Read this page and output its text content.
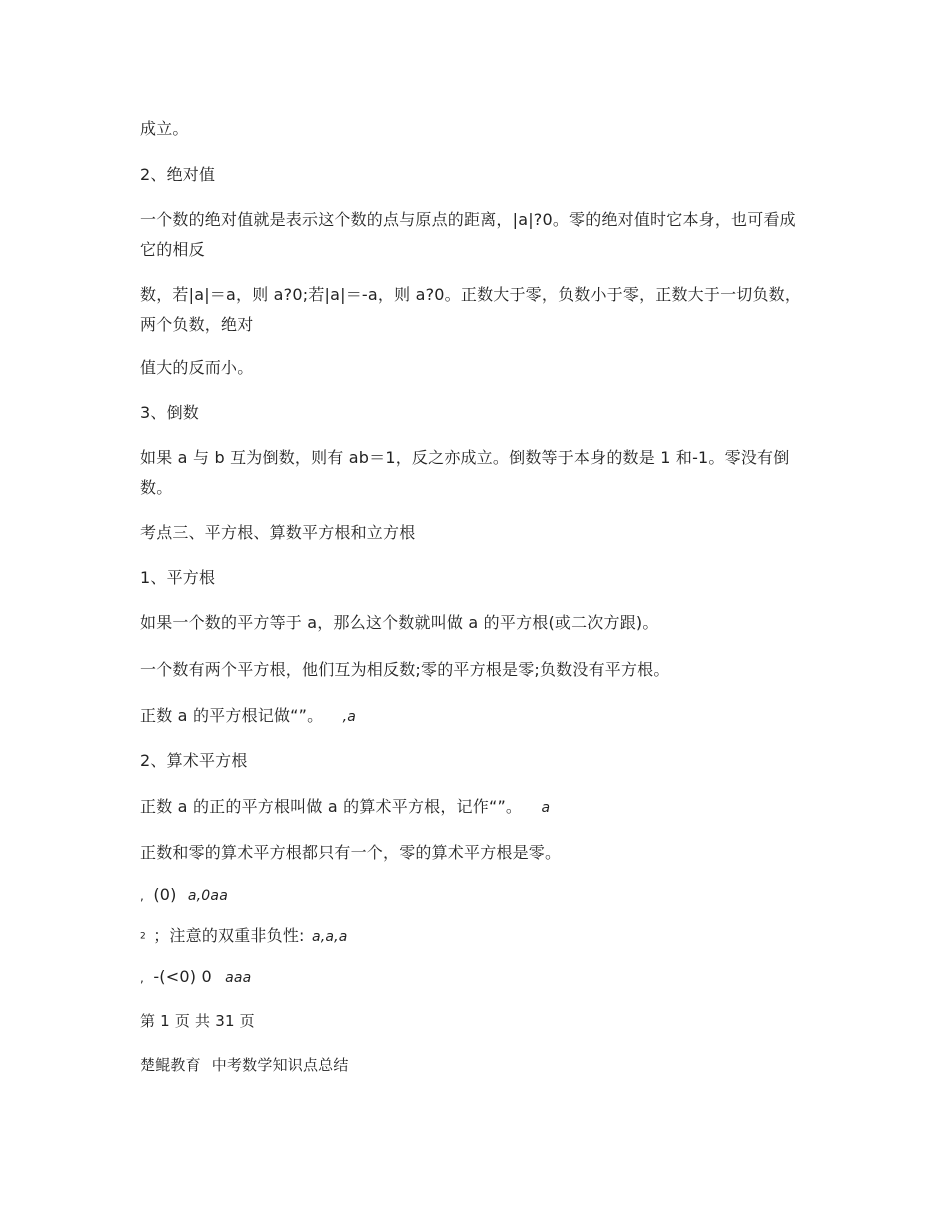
成立。

2、绝对值

一个数的绝对值就是表示这个数的点与原点的距离，|a|?0。零的绝对值时它本身，也可看成它的相反

数，若|a|＝a，则 a?0;若|a|＝-a，则 a?0。正数大于零，负数小于零，正数大于一切负数，两个负数，绝对

值大的反而小。

3、倒数

如果 a 与 b 互为倒数，则有 ab＝1，反之亦成立。倒数等于本身的数是 1 和-1。零没有倒数。

考点三、平方根、算数平方根和立方根

1、平方根

如果一个数的平方等于 a，那么这个数就叫做 a 的平方根(或二次方跟)。

一个数有两个平方根，他们互为相反数;零的平方根是零;负数没有平方根。

正数 a 的平方根记做“”。 ,a

2、算术平方根

正数 a 的正的平方根叫做 a 的算术平方根，记作“”。 a

正数和零的算术平方根都只有一个，零的算术平方根是零。

, (0) a,0aa

2 ；注意的双重非负性: a,a,a

, -(<0) 0 aaa

第 1 页 共 31 页

楚鲲教育 中考数学知识点总结
